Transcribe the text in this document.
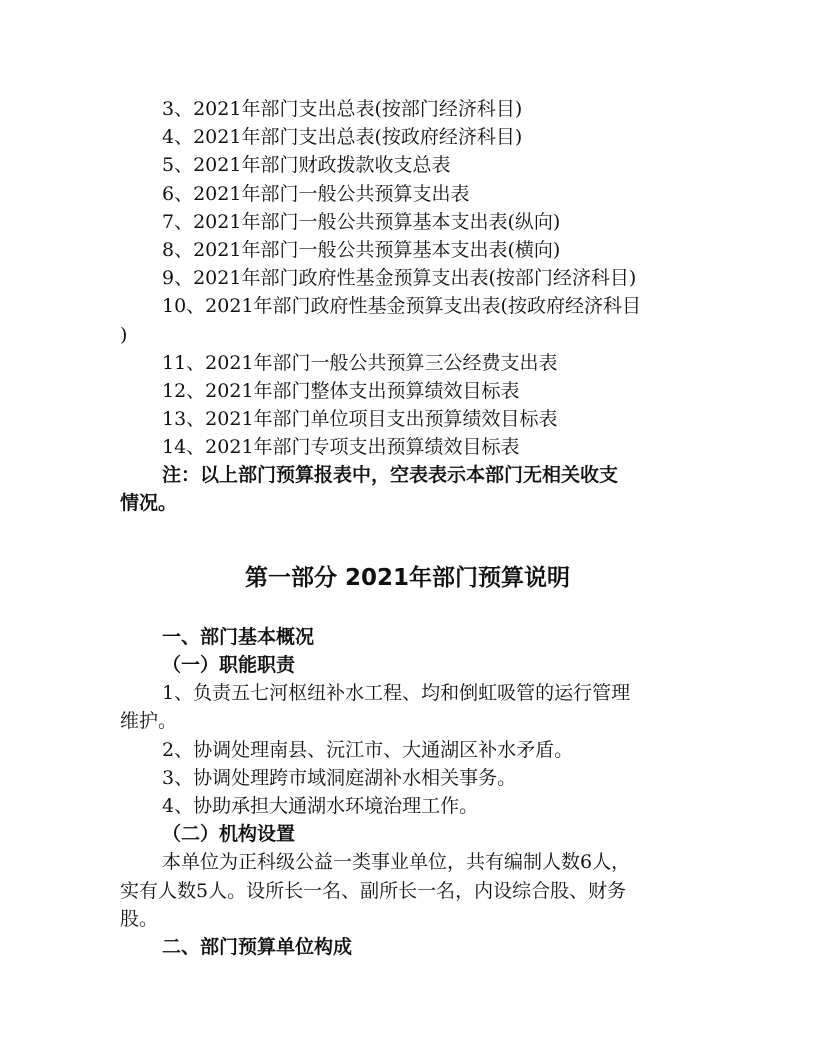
3、2021年部门支出总表(按部门经济科目)
4、2021年部门支出总表(按政府经济科目)
5、2021年部门财政拨款收支总表
6、2021年部门一般公共预算支出表
7、2021年部门一般公共预算基本支出表(纵向)
8、2021年部门一般公共预算基本支出表(横向)
9、2021年部门政府性基金预算支出表(按部门经济科目)
10、2021年部门政府性基金预算支出表(按政府经济科目
)
11、2021年部门一般公共预算三公经费支出表
12、2021年部门整体支出预算绩效目标表
13、2021年部门单位项目支出预算绩效目标表
14、2021年部门专项支出预算绩效目标表
注：以上部门预算报表中，空表表示本部门无相关收支
情况。
第一部分 2021年部门预算说明
一、部门基本概况
（一）职能职责
1、负责五七河枢纽补水工程、均和倒虹吸管的运行管理
维护。
2、协调处理南县、沅江市、大通湖区补水矛盾。
3、协调处理跨市域洞庭湖补水相关事务。
4、协助承担大通湖水环境治理工作。
（二）机构设置
本单位为正科级公益一类事业单位，共有编制人数6人，
实有人数5人。设所长一名、副所长一名，内设综合股、财务
股。
二、部门预算单位构成
